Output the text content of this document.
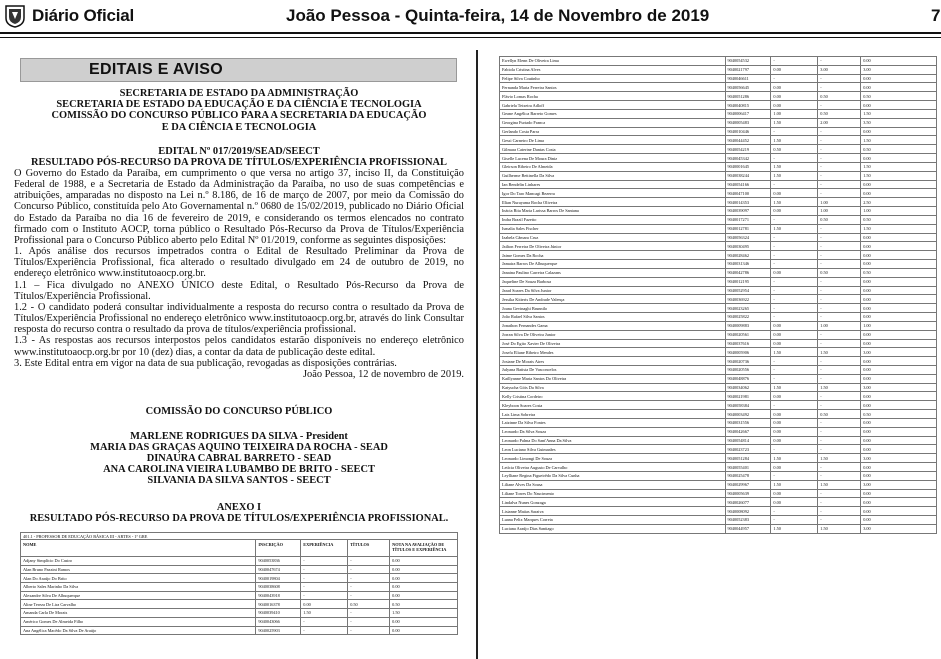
Diário Oficial	João Pessoa - Quinta-feira, 14 de Novembro de 2019	7
EDITAIS E AVISO
SECRETARIA DE ESTADO DA ADMINISTRAÇÃO
SECRETARIA DE ESTADO DA EDUCAÇÃO E DA CIÊNCIA E TECNOLOGIA
COMISSÃO DO CONCURSO PÚBLICO PARA A SECRETARIA DA EDUCAÇÃO
E DA CIÊNCIA E TECNOLOGIA
EDITAL Nº 017/2019/SEAD/SEECT
RESULTADO PÓS-RECURSO DA PROVA DE TÍTULOS/EXPERIÊNCIA PROFISSIONAL

O Governo do Estado da Paraíba, em cumprimento o que versa no artigo 37, inciso II, da Constituição Federal de 1988, e a Secretaria de Estado da Administração da Paraíba, no uso de suas competências e atribuições, amparadas no disposto na Lei n.º 8.186, de 16 de março de 2007, por meio da Comissão do Concurso Público, constituída pelo Ato Governamental n.º 0680 de 15/02/2019, publicado no Diário Oficial do Estado da Paraíba no dia 16 de fevereiro de 2019, e considerando os termos elencados no contrato firmado com o Instituto AOCP, torna público o Resultado Pós-Recurso da Prova de Títulos/Experiência Profissional para o Concurso Público aberto pelo Edital Nº 01/2019, conforme as seguintes disposições:

1. Após análise dos recursos impetrados contra o Edital de Resultado Preliminar da Prova de Títulos/Experiência Profissional, fica alterado o resultado divulgado em 24 de outubro de 2019, no endereço eletrônico www.institutoaocp.org.br.

1.1 – Fica divulgado no ANEXO ÚNICO deste Edital, o Resultado Pós-Recurso da Prova de Títulos/Experiência Profissional.

1.2 - O candidato poderá consultar individualmente a resposta do recurso contra o resultado da Prova de Títulos/Experiência Profissional no endereço eletrônico www.institutoaocp.org.br, através do link Consultar resposta do recurso contra o resultado da prova de títulos/experiência profissional.

1.3 - As respostas aos recursos interpostos pelos candidatos estarão disponíveis no endereço eletrônico www.institutoaocp.org.br por 10 (dez) dias, a contar da data de publicação deste edital.

3. Este Edital entra em vigor na data de sua publicação, revogadas as disposições contrárias.

João Pessoa, 12 de novembro de 2019.

COMISSÃO DO CONCURSO PÚBLICO
MARLENE RODRIGUES DA SILVA - President
MARIA DAS GRAÇAS AQUINO TEIXEIRA DA ROCHA - SEAD
DINAURA CABRAL BARRETO - SEAD
ANA CAROLINA VIEIRA LUBAMBO DE BRITO - SEECT
SILVANIA DA SILVA SANTOS - SEECT
ANEXO I
RESULTADO PÓS-RECURSO DA PROVA DE TÍTULOS/EXPERIÊNCIA PROFISSIONAL.
401.1 - PROFESSOR DE EDUCAÇÃO BÁSICA III - ARTES - 1ª GRE				
NOME	INSCRIÇÃO	EXPERIÊNCIA	TÍTULOS	NOTA NA AVALIAÇÃO DE TÍTULOS E EXPERIÊNCIA
Adjany Simplício Do Castro	9040053836	-	-	0.00
Alan Bruno Pazzini Ramos	9040047674	-	-	0.00
Alan Do Araújo Do Brito	9040019804	-	-	0.00
Alberto Sales Marinho Da Silva	9040038608	-	-	0.00
Alexandre Silva De Albuquerque	9040043918	-	-	0.00
Aline Tereza De Lira Carvalho	9040016378	0.00	0.50	0.50
Amanda Carla De Morais	9040039410	1.50	-	1.50
Américo Gomes De Almeida Filho	9040043066	-	-	0.00
Ana Angélica Macêdo Da Silva De Araújo	9040025903	-	-	0.00
Ewellyn Elenn De Oliveira Lima	9040054532	-	-	0.00
Fabiola Cristina Alves	9040021797	0.00	3.00	3.00
Felipe Silva Coutinho	9040046611	-	-	0.00
Fernanda Maria Ferreira Santos	9040056645	0.00	-	0.00
Flávio Lomas Rocha	9040051286	0.00	0.50	0.50
Gabriela Teixeira Adloff	9040040815	0.00	-	0.00
Geane Angélica Barreto Gomes	9040006417	1.00	0.50	1.50
Georgina Furtado Franca	9040005483	1.50	2.00	3.50
Gerlando Costa Parra	9040010446	-	-	0.00
Gessi Carneiro De Lima	9040044452	1.50	-	1.50
Gilmara Caterine Dantas Costa	9040054219	0.50	-	0.50
Giselle Lucena De Moura Diniz	9040045342	-	-	0.00
Gleirson Ribeiro De Almeida	9040001645	1.50	-	1.50
Guilherme Bettinella Da Silva	9040038244	1.50	-	1.50
Ian Bendelin Linhares	9040054166	-	-	0.00
Igor Do Taro Mancagi Bezerra	9040047100	0.00	-	0.00
Illian Nurayama Rocha Oliveira	9040014353	1.50	1.00	2.50
Inácia Rita Maria Larissa Barros De Santana	9040039097	0.00	1.00	1.00
Indra Brazil Fazetto	9040017271	-	0.50	0.50
Ismalia Sales Fischer	9040012781	1.50	-	1.50
Izabela Câmara Cruz	9040056324	-	-	0.00
Jailton Ferreira De Oliveira Júnior	9040030495	-	-	0.00
Jaime Gomes Da Rocha	9040028462	-	-	0.00
Jamaira Barros De Albuquerque	9040031346	-	-	0.00
Janaina Paulino Carreira Calazans	9040042786	0.00	0.50	0.50
Jaqueline De Souza Barbosa	9040012195	-	-	0.00
Jarad Soares Da Silva Junior	9040052954	-	-	0.00
Jessika Kitteris De Andrade Valença	9040036922	-	-	0.00
Joana Gevinaghi Brunnilo	9040023265	-	-	0.00
João Rafael Silva Santos	9040025822	-	-	0.00
Jonathon Fernandes Gama	9040009883	0.00	1.00	1.00
Jorran Silva De Oliveira Junior	9040020561	0.00	-	0.00
José Do Egito Xavier De Oliveira	9040037616	0.00	-	0.00
Josefa Eliane Ribeiro Mendes	9040005906	1.50	1.50	3.00
Josiane De Morais Aires	9040020736	-	-	0.00
Julyana Batista De Vasconcelos	9040020556	-	-	0.00
Kaillyanne Maria Santos Do Oliveira	9040048876	-	-	0.00
Katyucha Góis Da Silva	9040034062	1.50	1.50	3.00
Kelly Cristina Cordeiro	9040021981	0.00	-	0.00
Kleyboon Soares Costa	9040058384	-	-	0.00
Lais Lima Sobreira	9040003492	0.00	0.50	0.50
Laizinne Da Silva Fontes	9040031556	0.00	-	0.00
Leonardo Da Silva Souza	9040042667	0.00	-	0.00
Leonardo Palma Do Sant'Anna Da Silva	9040054814	0.00	-	0.00
Leon Luciano Silva Guimarães	9040023723	-	-	0.00
Leonardo Limongi De Souza	9040051284	1.50	1.50	3.00
Letícia Oliveira Augusto De Carvalho	9040055401	0.00	-	0.00
Leylliane Regina Figueirêdo Da Silva Cunha	9040025478	-	-	0.00
Liliane Alves Da Sousa	9040029967	1.50	1.50	3.00
Liliane Torres Do Nascimento	9040005639	0.00	-	0.00
Lindalva Nunes Gonzaga	9040026077	0.00	-	0.00
Lisianne Matias Saraiva	9040008092	-	-	0.00
Luana Felix Marques Correia	9040052383	-	-	0.00
Luciana Araújo Dias Santiago	9040044957	1.50	1.50	3.00
